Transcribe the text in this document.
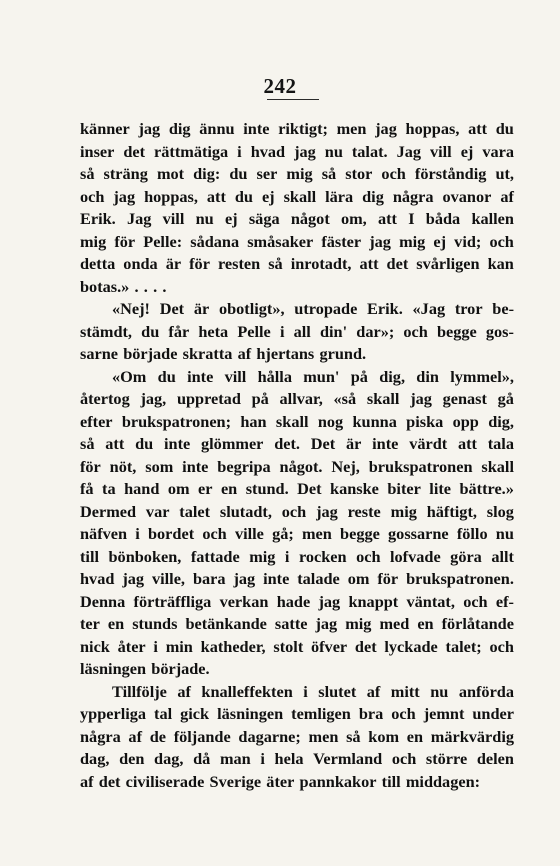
242
känner jag dig ännu inte riktigt; men jag hoppas, att du
inser det rättmätiga i hvad jag nu talat. Jag vill ej vara
så sträng mot dig: du ser mig så stor och förståndig ut,
och jag hoppas, att du ej skall lära dig några ovanor af
Erik. Jag vill nu ej säga något om, att I båda kallen
mig för Pelle: sådana småsaker fäster jag mig ej vid; och
detta onda är för resten så inrotadt, att det svårligen kan
botas.» . . . .
«Nej! Det är obotligt», utropade Erik. «Jag tror be-
stämdt, du får heta Pelle i all din' dar»; och begge gos-
sarne började skratta af hjertans grund.
«Om du inte vill hålla mun' på dig, din lymmel»,
återtog jag, uppretad på allvar, «så skall jag genast gå
efter brukspatronen; han skall nog kunna piska opp dig,
så att du inte glömmer det. Det är inte värdt att tala
för nöt, som inte begripa något. Nej, brukspatronen skall
få ta hand om er en stund. Det kanske biter lite bättre.»
Dermed var talet slutadt, och jag reste mig häftigt, slog
näfven i bordet och ville gå; men begge gossarne föllo nu
till bönboken, fattade mig i rocken och lofvade göra allt
hvad jag ville, bara jag inte talade om för brukspatronen.
Denna förträffliga verkan hade jag knappt väntat, och ef-
ter en stunds betänkande satte jag mig med en förlåtande
nick åter i min katheder, stolt öfver det lyckade talet; och
läsningen började.
Tillfölje af knalleffekten i slutet af mitt nu anförda
ypperliga tal gick läsningen temligen bra och jemnt under
några af de följande dagarne; men så kom en märkvärdig
dag, den dag, då man i hela Vermland och större delen
af det civiliserade Sverige äter pannkakor till middagen:
